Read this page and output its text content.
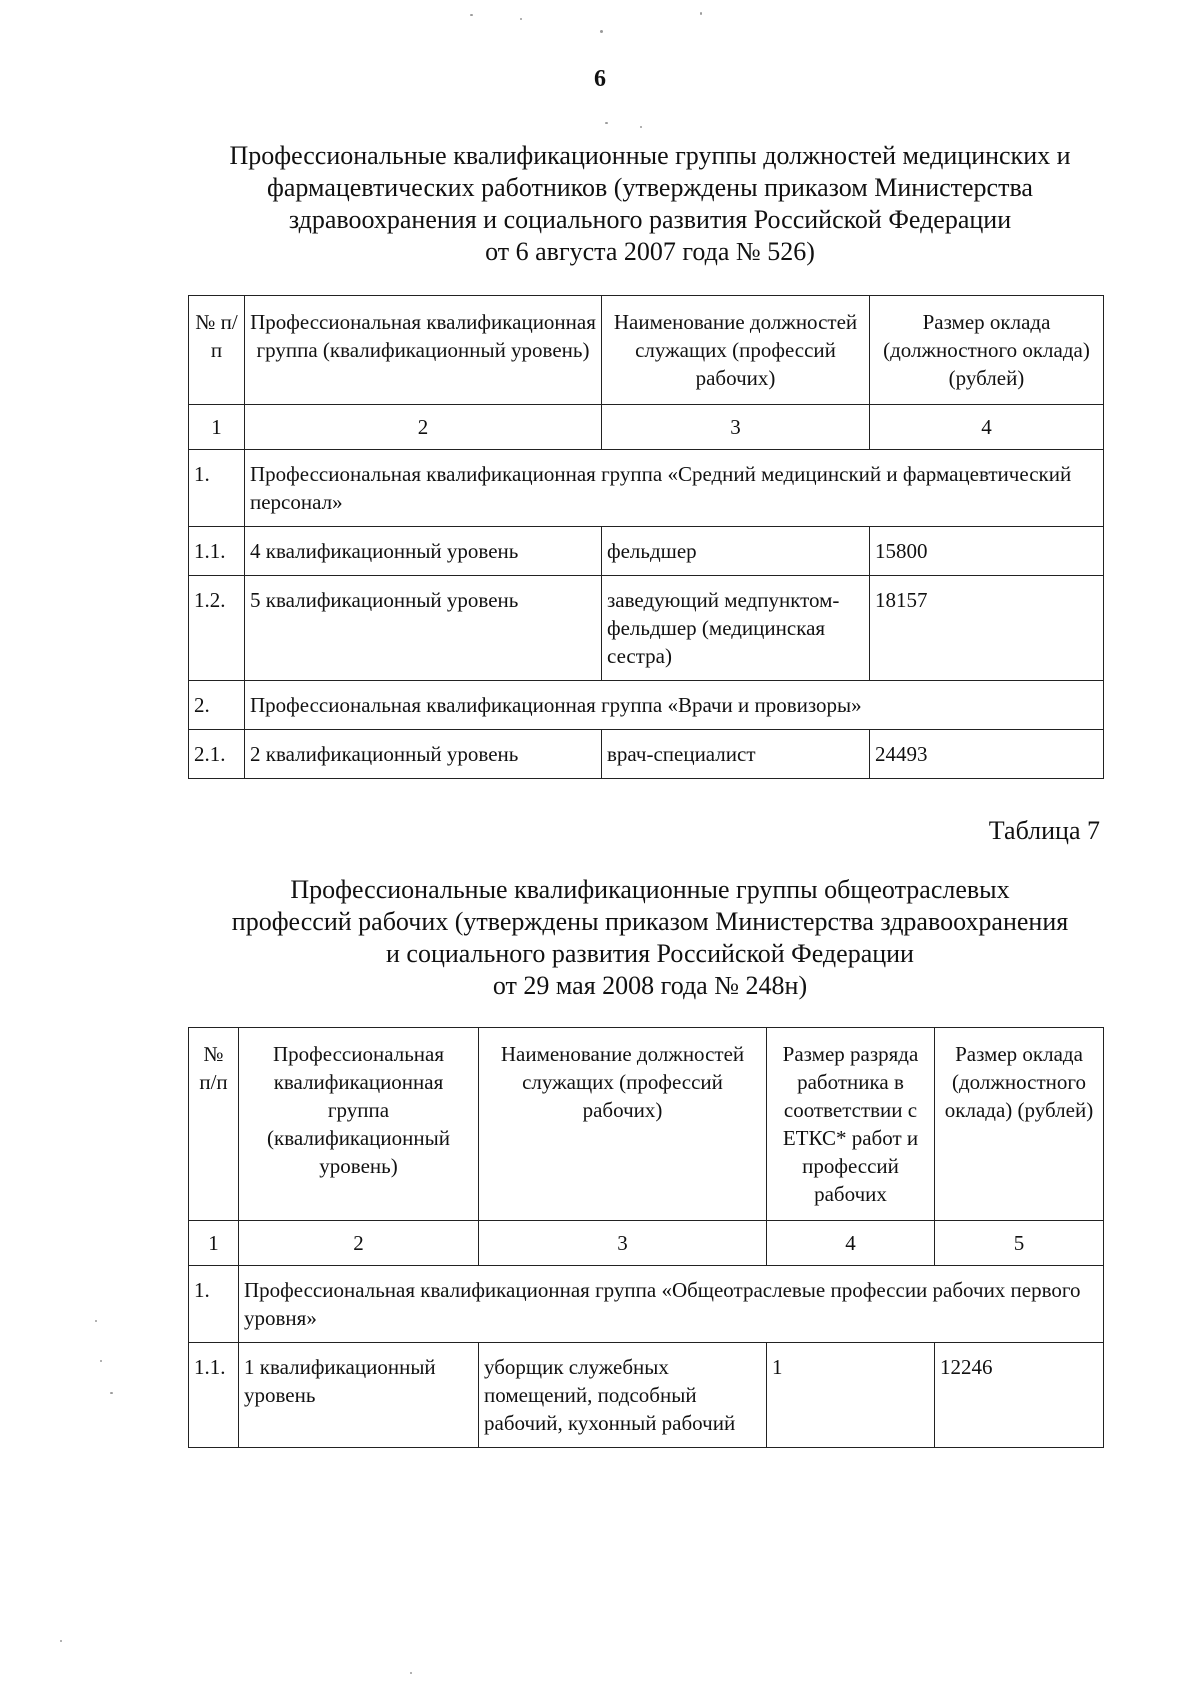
6
Профессиональные квалификационные группы должностей медицинских и
фармацевтических работников (утверждены приказом Министерства
здравоохранения и социального развития Российской Федерации
от 6 августа 2007 года № 526)
№ п/п	Профессиональная квалификационная группа (квалификационный уровень)	Наименование должностей служащих (профессий рабочих)	Размер оклада (должностного оклада) (рублей)
1	2	3	4
1.	Профессиональная квалификационная группа «Средний медицинский и фармацевтический персонал»		
1.1.	4 квалификационный уровень	фельдшер	15800
1.2.	5 квалификационный уровень	заведующий медпунктом-фельдшер (медицинская сестра)	18157
2.	Профессиональная квалификационная группа «Врачи и провизоры»		
2.1.	2 квалификационный уровень	врач-специалист	24493
Таблица 7
Профессиональные квалификационные группы общеотраслевых
профессий рабочих (утверждены приказом Министерства здравоохранения
и социального развития Российской Федерации
от 29 мая 2008 года № 248н)
№ п/п	Профессиональная квалификационная группа (квалификационный уровень)	Наименование должностей служащих (профессий рабочих)	Размер разряда работника в соответствии с ЕТКС* работ и профессий рабочих	Размер оклада (должностного оклада) (рублей)
1	2	3	4	5
1.	Профессиональная квалификационная группа «Общеотраслевые профессии рабочих первого уровня»			
1.1.	1 квалификационный уровень	уборщик служебных помещений, подсобный рабочий, кухонный рабочий	1	12246
